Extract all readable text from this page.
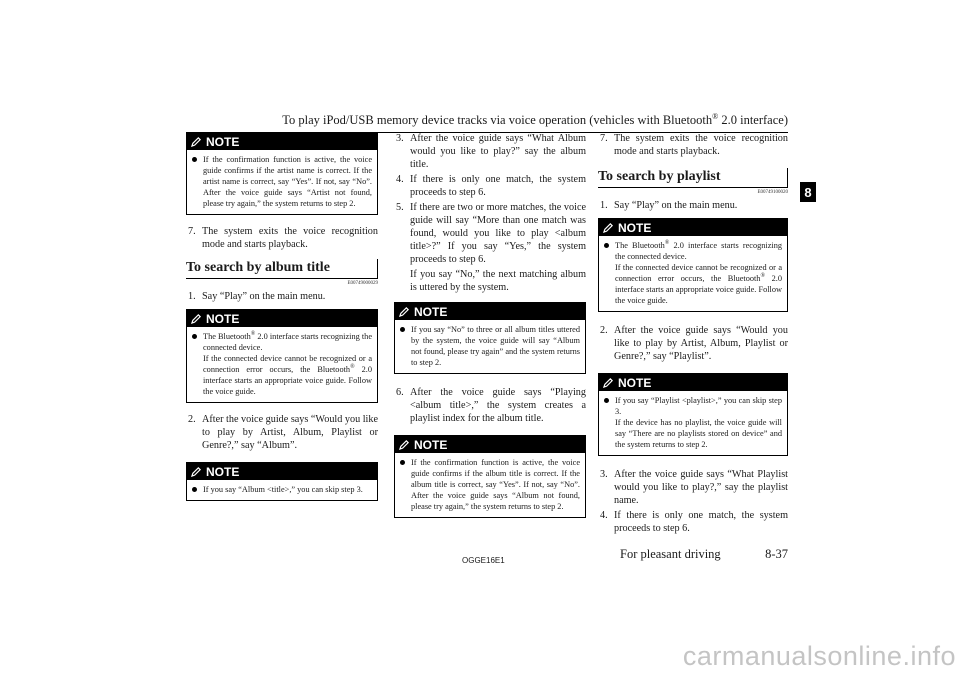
To play iPod/USB memory device tracks via voice operation (vehicles with Bluetooth® 2.0 interface)
NOTE
If the confirmation function is active, the voice guide confirms if the artist name is correct. If the artist name is correct, say “Yes”. If not, say “No”. After the voice guide says “Artist not found, please try again,” the system returns to step 2.
7. The system exits the voice recognition mode and starts playback.
To search by album title
E00749000029
1. Say “Play” on the main menu.
NOTE
The Bluetooth® 2.0 interface starts recognizing the connected device.
If the connected device cannot be recognized or a connection error occurs, the Bluetooth® 2.0 interface starts an appropriate voice guide. Follow the voice guide.
2. After the voice guide says “Would you like to play by Artist, Album, Playlist or Genre?,” say “Album”.
NOTE
If you say “Album <title>,” you can skip step 3.
3. After the voice guide says “What Album would you like to play?” say the album title.
4. If there is only one match, the system proceeds to step 6.
5. If there are two or more matches, the voice guide will say “More than one match was found, would you like to play <album title>?” If you say “Yes,” the system proceeds to step 6.
If you say “No,” the next matching album is uttered by the system.
NOTE
If you say “No” to three or all album titles uttered by the system, the voice guide will say “Album not found, please try again” and the system returns to step 2.
6. After the voice guide says “Playing <album title>,” the system creates a playlist index for the album title.
NOTE
If the confirmation function is active, the voice guide confirms if the album title is correct. If the album title is correct, say “Yes”. If not, say “No”. After the voice guide says “Album not found, please try again,” the system returns to step 2.
7. The system exits the voice recognition mode and starts playback.
To search by playlist
E00749100020
1. Say “Play” on the main menu.
NOTE
The Bluetooth® 2.0 interface starts recognizing the connected device.
If the connected device cannot be recognized or a connection error occurs, the Bluetooth® 2.0 interface starts an appropriate voice guide. Follow the voice guide.
2. After the voice guide says “Would you like to play by Artist, Album, Playlist or Genre?,” say “Playlist”.
NOTE
If you say “Playlist <playlist>,” you can skip step 3.
If the device has no playlist, the voice guide will say “There are no playlists stored on device” and the system returns to step 2.
3. After the voice guide says “What Playlist would you like to play?,” say the playlist name.
4. If there is only one match, the system proceeds to step 6.
8
OGGE16E1	For pleasant driving	8-37
carmanualsonline.info
